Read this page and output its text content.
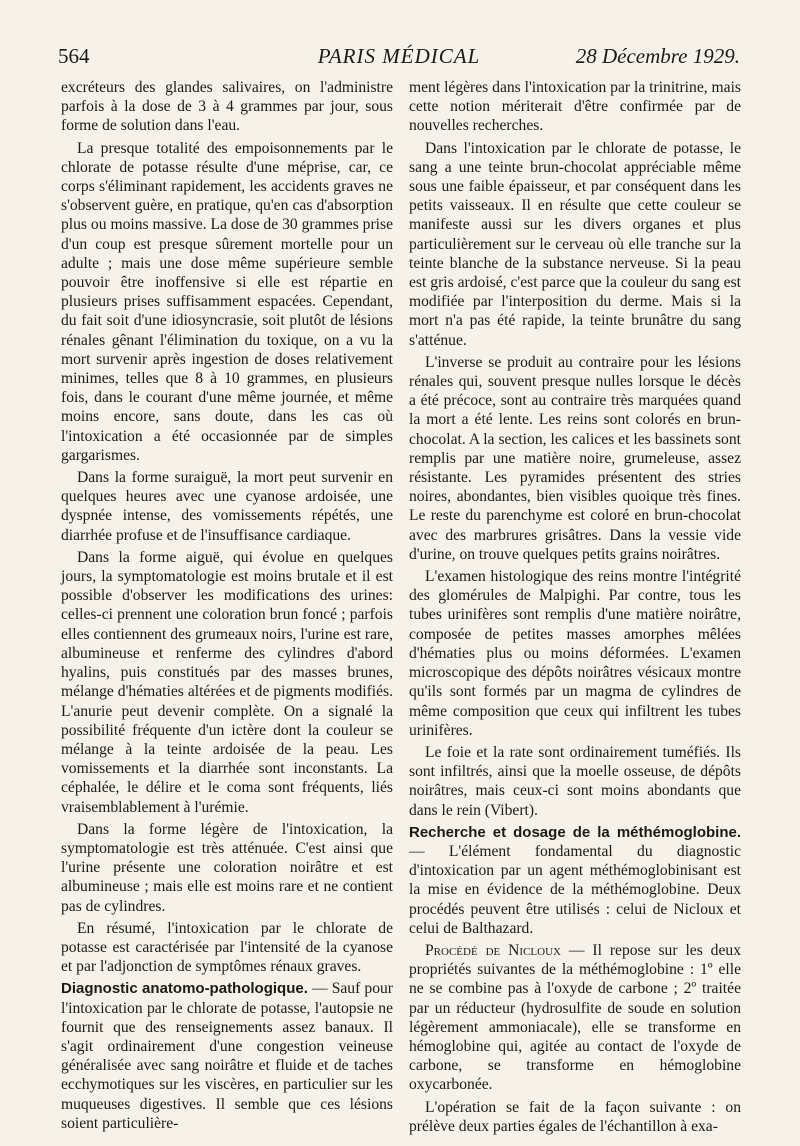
PARIS MÉDICAL
564	28 Décembre 1929.

excréteurs des glandes salivaires, on l'administre parfois à la dose de 3 à 4 grammes par jour, sous forme de solution dans l'eau.

La presque totalité des empoisonnements par le chlorate de potasse résulte d'une méprise, car, ce corps s'éliminant rapidement, les accidents graves ne s'observent guère, en pratique, qu'en cas d'absorption plus ou moins massive. La dose de 30 grammes prise d'un coup est presque sûrement mortelle pour un adulte ; mais une dose même supérieure semble pouvoir être inoffensive si elle est répartie en plusieurs prises suffisamment espacées. Cependant, du fait soit d'une idiosyncrasie, soit plutôt de lésions rénales gênant l'élimination du toxique, on a vu la mort survenir après ingestion de doses relativement minimes, telles que 8 à 10 grammes, en plusieurs fois, dans le courant d'une même journée, et même moins encore, sans doute, dans les cas où l'intoxication a été occasionnée par de simples gargarismes.

Dans la forme suraiguë, la mort peut survenir en quelques heures avec une cyanose ardoisée, une dyspnée intense, des vomissements répétés, une diarrhée profuse et de l'insuffisance cardiaque.

Dans la forme aiguë, qui évolue en quelques jours, la symptomatologie est moins brutale et il est possible d'observer les modifications des urines: celles-ci prennent une coloration brun foncé ; parfois elles contiennent des grumeaux noirs, l'urine est rare, albumineuse et renferme des cylindres d'abord hyalins, puis constitués par des masses brunes, mélange d'hématies altérées et de pigments modifiés. L'anurie peut devenir complète. On a signalé la possibilité fréquente d'un ictère dont la couleur se mélange à la teinte ardoisée de la peau. Les vomissements et la diarrhée sont inconstants. La céphalée, le délire et le coma sont fréquents, liés vraisemblablement à l'urémie.

Dans la forme légère de l'intoxication, la symptomatologie est très atténuée. C'est ainsi que l'urine présente une coloration noirâtre et est albumineuse ; mais elle est moins rare et ne contient pas de cylindres.

En résumé, l'intoxication par le chlorate de potasse est caractérisée par l'intensité de la cyanose et par l'adjonction de symptômes rénaux graves.

Diagnostic anatomo-pathologique. — Sauf pour l'intoxication par le chlorate de potasse, l'autopsie ne fournit que des renseignements assez banaux. Il s'agit ordinairement d'une congestion veineuse généralisée avec sang noirâtre et fluide et de taches ecchymotiques sur les viscères, en particulier sur les muqueuses digestives. Il semble que ces lésions soient particulière-

ment légères dans l'intoxication par la trinitrine, mais cette notion mériterait d'être confirmée par de nouvelles recherches.

Dans l'intoxication par le chlorate de potasse, le sang a une teinte brun-chocolat appréciable même sous une faible épaisseur, et par conséquent dans les petits vaisseaux. Il en résulte que cette couleur se manifeste aussi sur les divers organes et plus particulièrement sur le cerveau où elle tranche sur la teinte blanche de la substance nerveuse. Si la peau est gris ardoisé, c'est parce que la couleur du sang est modifiée par l'interposition du derme. Mais si la mort n'a pas été rapide, la teinte brunâtre du sang s'atténue.

L'inverse se produit au contraire pour les lésions rénales qui, souvent presque nulles lorsque le décès a été précoce, sont au contraire très marquées quand la mort a été lente. Les reins sont colorés en brun-chocolat. A la section, les calices et les bassinets sont remplis par une matière noire, grumeleuse, assez résistante. Les pyramides présentent des stries noires, abondantes, bien visibles quoique très fines. Le reste du parenchyme est coloré en brun-chocolat avec des marbrures grisâtres. Dans la vessie vide d'urine, on trouve quelques petits grains noirâtres.

L'examen histologique des reins montre l'intégrité des glomérules de Malpighi. Par contre, tous les tubes urinifères sont remplis d'une matière noirâtre, composée de petites masses amorphes mêlées d'hématies plus ou moins déformées. L'examen microscopique des dépôts noirâtres vésicaux montre qu'ils sont formés par un magma de cylindres de même composition que ceux qui infiltrent les tubes urinifères.

Le foie et la rate sont ordinairement tuméfiés. Ils sont infiltrés, ainsi que la moelle osseuse, de dépôts noirâtres, mais ceux-ci sont moins abondants que dans le rein (Vibert).

Recherche et dosage de la méthémoglobine. — L'élément fondamental du diagnostic d'intoxication par un agent méthémoglobinisant est la mise en évidence de la méthémoglobine. Deux procédés peuvent être utilisés : celui de Nicloux et celui de Balthazard.

Procédé de Nicloux — Il repose sur les deux propriétés suivantes de la méthémoglobine : 1º elle ne se combine pas à l'oxyde de carbone ; 2º traitée par un réducteur (hydrosulfite de soude en solution légèrement ammoniacale), elle se transforme en hémoglobine qui, agitée au contact de l'oxyde de carbone, se transforme en hémoglobine oxycarbonée.

L'opération se fait de la façon suivante : on prélève deux parties égales de l'échantillon à exa-
